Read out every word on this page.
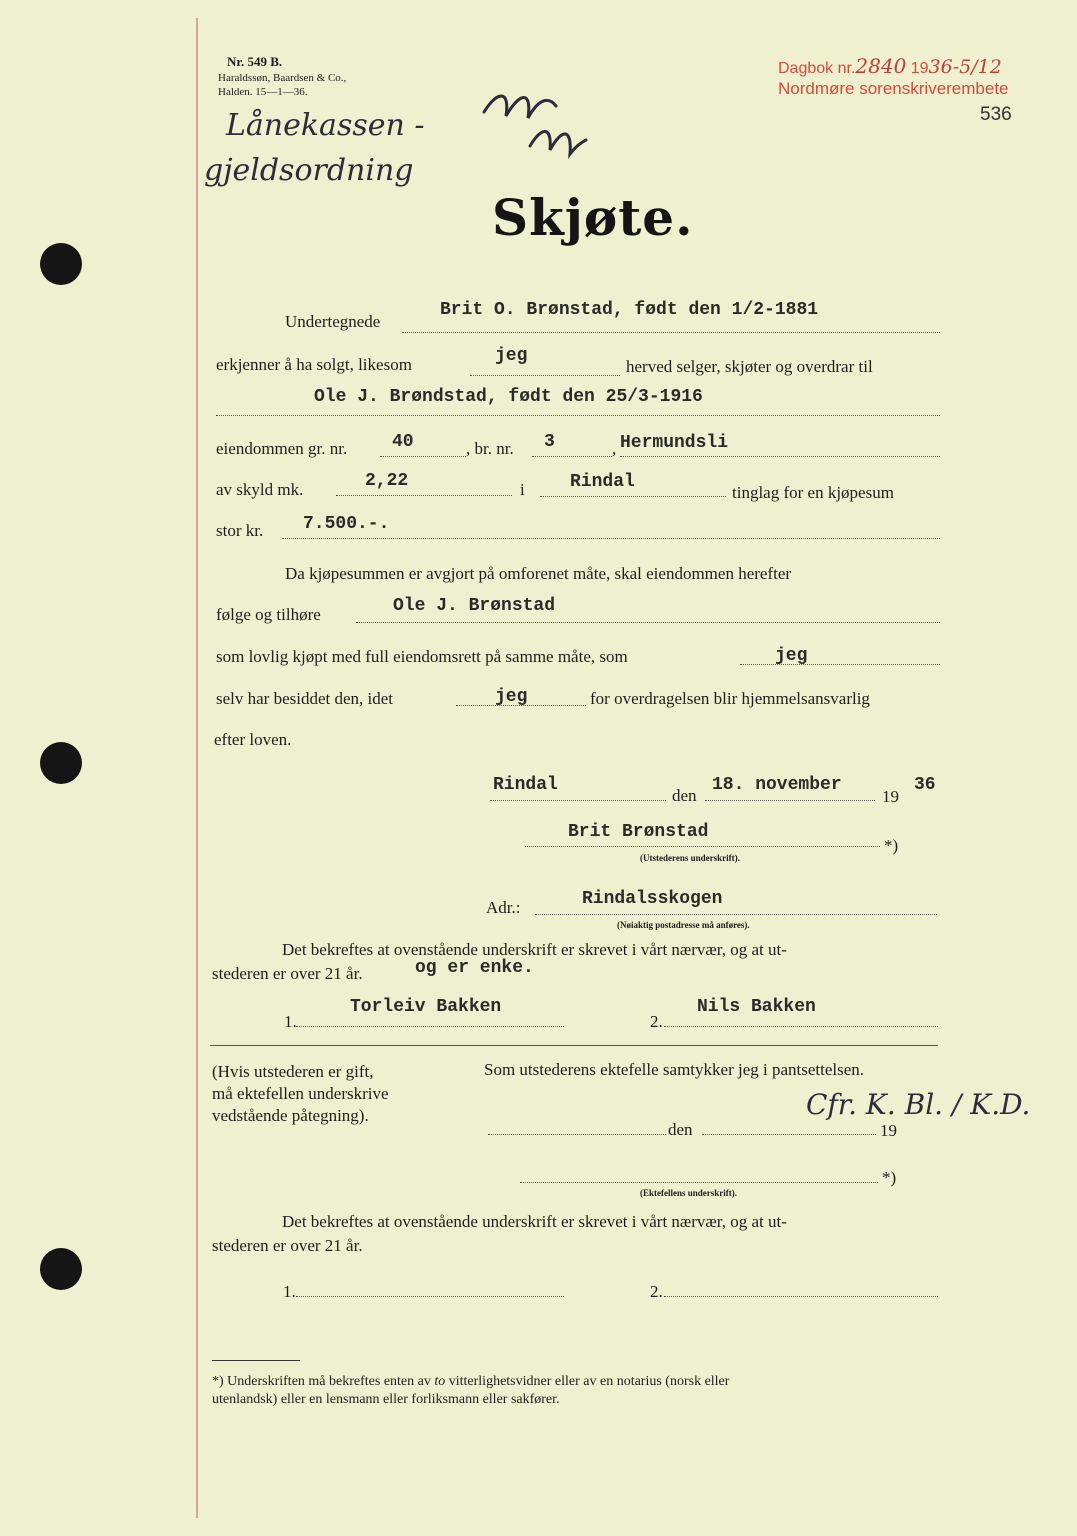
Nr. 549 B.
Haraldssøn, Baardsen & Co.,
Halden. 15—1—36.
Dagbok nr.2840 1936-5/12
Nordmøre sorenskriverembete
536
Lånekassen -
gjeldsordning
Skjøte.
Undertegnede
Brit O. Brønstad, født den 1/2-1881
erkjenner å ha solgt, likesom	jeg
herved selger, skjøter og overdrar til
Ole J. Brøndstad, født den 25/3-1916
eiendommen gr. nr. 40	, br. nr. 3	, Hermundsli
av skyld mk.	2,22	i	Rindal
tinglag for en kjøpesum
stor kr. 7.500.-.
Da kjøpesummen er avgjort på omforenet måte, skal eiendommen herefter
følge og tilhøre	Ole J. Brønstad
som lovlig kjøpt med full eiendomsrett på samme måte, som	jeg
selv har besiddet den, idet	jeg	for overdragelsen blir hjemmelsansvarlig
efter loven.
Rindal
den
18. november
19
36
Brit Brønstad
*)
(Utstederens underskrift).
Adr.:	Rindalsskogen
(Nøiaktig postadresse må anføres).
Det bekreftes at ovenstående underskrift er skrevet i vårt nærvær, og at ut-
stederen er over 21 år.	og er enke.
1.
Torleiv Bakken
2.
Nils Bakken
(Hvis utstederen er gift,
må ektefellen underskrive
vedstående påtegning).
Som utstederens ektefelle samtykker jeg i pantsettelsen.
den	19
Cfr. K. Bl. / K.D.
*)
(Ektefellens underskrift).
Det bekreftes at ovenstående underskrift er skrevet i vårt nærvær, og at ut-
stederen er over 21 år.
1.	2.
*) Underskriften må bekreftes enten av to vitterlighetsvidner eller av en notarius (norsk eller
utenlandsk) eller en lensmann eller forliksmann eller sakfører.
